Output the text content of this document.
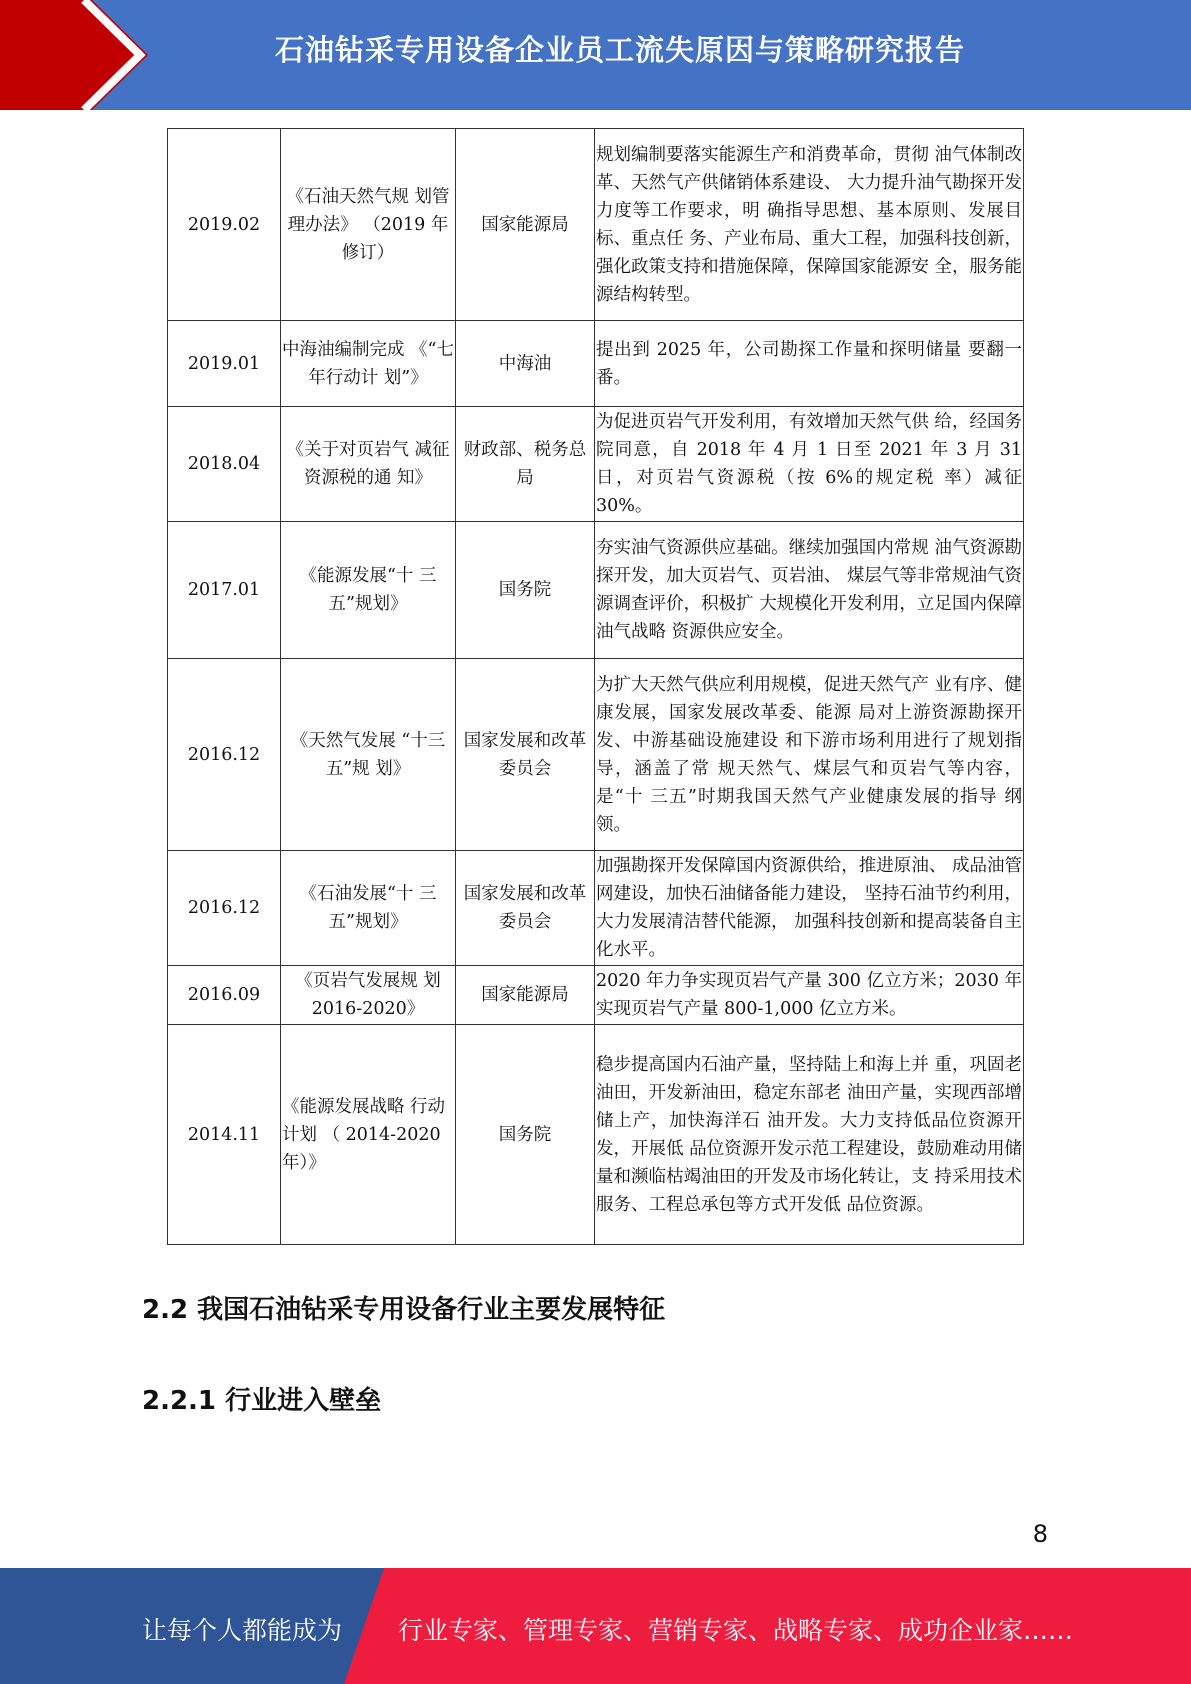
石油钻采专用设备企业员工流失原因与策略研究报告
2019.02	《石油天然气规 划管理办法》 （2019 年修订）	国家能源局	规划编制要落实能源生产和消费革命，贯彻 油气体制改革、天然气产供储销体系建设、 大力提升油气勘探开发力度等工作要求，明 确指导思想、基本原则、发展目标、重点任 务、产业布局、重大工程，加强科技创新， 强化政策支持和措施保障，保障国家能源安 全，服务能源结构转型。
2019.01	中海油编制完成 《“七年行动计 划”》	中海油	提出到 2025 年，公司勘探工作量和探明储量 要翻一番。
2018.04	《关于对页岩气 减征资源税的通 知》	财政部、税务总局	为促进页岩气开发利用，有效增加天然气供 给，经国务院同意，自 2018 年 4 月 1 日至 2021 年 3 月 31 日，对页岩气资源税（按 6%的规定税 率）减征 30%。
2017.01	《能源发展“十 三五”规划》	国务院	夯实油气资源供应基础。继续加强国内常规 油气资源勘探开发，加大页岩气、页岩油、 煤层气等非常规油气资源调查评价，积极扩 大规模化开发利用，立足国内保障油气战略 资源供应安全。
2016.12	《天然气发展 “十三五”规 划》	国家发展和改革委员会	为扩大天然气供应利用规模，促进天然气产 业有序、健康发展，国家发展改革委、能源 局对上游资源勘探开发、中游基础设施建设 和下游市场利用进行了规划指导，涵盖了常 规天然气、煤层气和页岩气等内容，是“十 三五”时期我国天然气产业健康发展的指导 纲领。
2016.12	《石油发展“十 三五”规划》	国家发展和改革委员会	加强勘探开发保障国内资源供给，推进原油、 成品油管网建设，加快石油储备能力建设， 坚持石油节约利用，大力发展清洁替代能源， 加强科技创新和提高装备自主化水平。
2016.09	《页岩气发展规 划 2016-2020》	国家能源局	2020 年力争实现页岩气产量 300 亿立方米；2030 年实现页岩气产量 800-1,000 亿立方米。
2014.11	《能源发展战略 行动计划 （ 2014-2020 年）》	国务院	稳步提高国内石油产量，坚持陆上和海上并 重，巩固老油田，开发新油田，稳定东部老 油田产量，实现西部增储上产，加快海洋石 油开发。大力支持低品位资源开发，开展低 品位资源开发示范工程建设，鼓励难动用储 量和濒临枯竭油田的开发及市场化转让，支 持采用技术服务、工程总承包等方式开发低 品位资源。
2.2 我国石油钻采专用设备行业主要发展特征
2.2.1 行业进入壁垒
8
让每个人都能成为 行业专家、管理专家、营销专家、战略专家、成功企业家……
